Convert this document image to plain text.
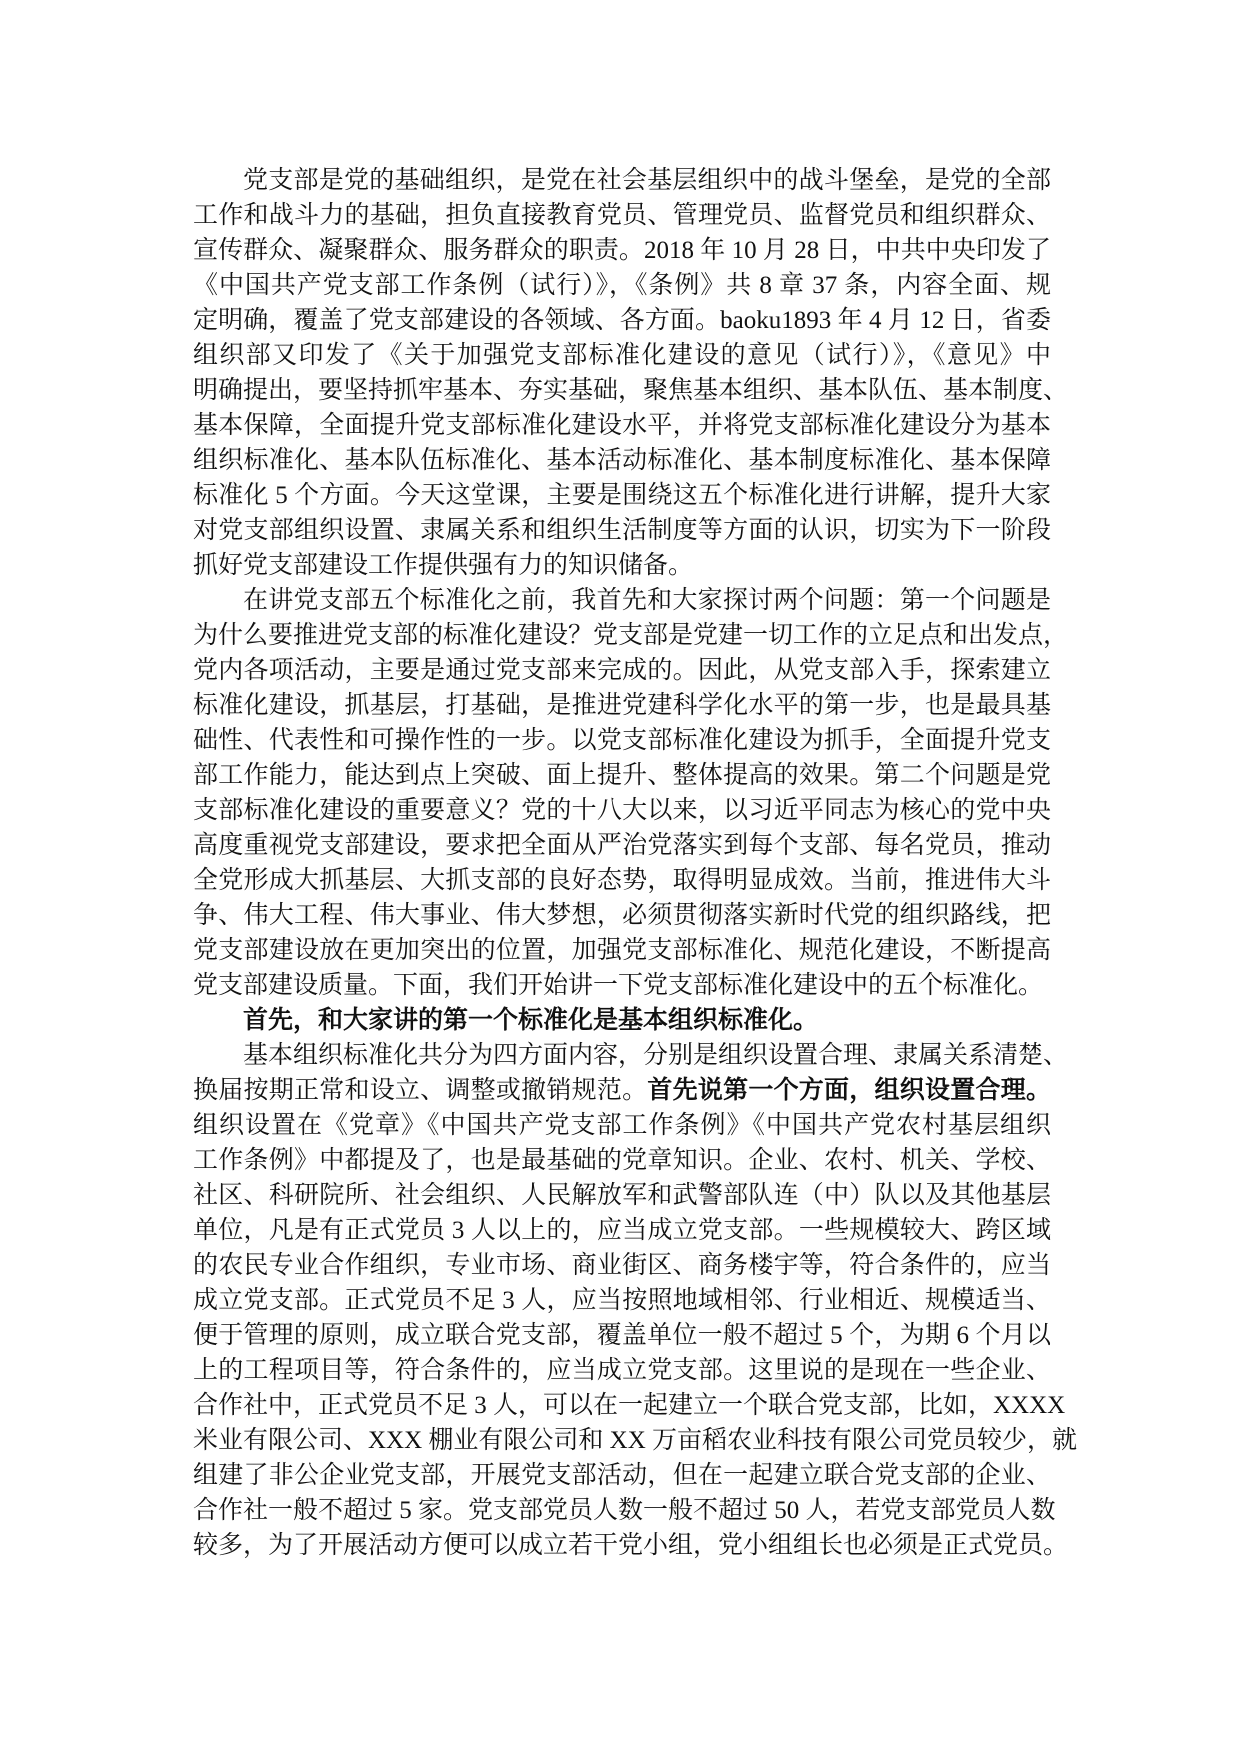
党支部是党的基础组织，是党在社会基层组织中的战斗堡垒，是党的全部
工作和战斗力的基础，担负直接教育党员、管理党员、监督党员和组织群众、
宣传群众、凝聚群众、服务群众的职责。2018 年 10 月 28 日，中共中央印发了
《中国共产党支部工作条例（试行）》，《条例》共 8 章 37 条，内容全面、规
定明确，覆盖了党支部建设的各领域、各方面。baoku1893 年 4 月 12 日，省委
组织部又印发了《关于加强党支部标准化建设的意见（试行）》，《意见》中
明确提出，要坚持抓牢基本、夯实基础，聚焦基本组织、基本队伍、基本制度、
基本保障，全面提升党支部标准化建设水平，并将党支部标准化建设分为基本
组织标准化、基本队伍标准化、基本活动标准化、基本制度标准化、基本保障
标准化 5 个方面。今天这堂课，主要是围绕这五个标准化进行讲解，提升大家
对党支部组织设置、隶属关系和组织生活制度等方面的认识，切实为下一阶段
抓好党支部建设工作提供强有力的知识储备。
在讲党支部五个标准化之前，我首先和大家探讨两个问题：第一个问题是
为什么要推进党支部的标准化建设？党支部是党建一切工作的立足点和出发点，
党内各项活动，主要是通过党支部来完成的。因此，从党支部入手，探索建立
标准化建设，抓基层，打基础，是推进党建科学化水平的第一步，也是最具基
础性、代表性和可操作性的一步。以党支部标准化建设为抓手，全面提升党支
部工作能力，能达到点上突破、面上提升、整体提高的效果。第二个问题是党
支部标准化建设的重要意义？党的十八大以来，以习近平同志为核心的党中央
高度重视党支部建设，要求把全面从严治党落实到每个支部、每名党员，推动
全党形成大抓基层、大抓支部的良好态势，取得明显成效。当前，推进伟大斗
争、伟大工程、伟大事业、伟大梦想，必须贯彻落实新时代党的组织路线，把
党支部建设放在更加突出的位置，加强党支部标准化、规范化建设，不断提高
党支部建设质量。下面，我们开始讲一下党支部标准化建设中的五个标准化。
首先，和大家讲的第一个标准化是基本组织标准化。
基本组织标准化共分为四方面内容，分别是组织设置合理、隶属关系清楚、
换届按期正常和设立、调整或撤销规范。首先说第一个方面，组织设置合理。
组织设置在《党章》《中国共产党支部工作条例》《中国共产党农村基层组织
工作条例》中都提及了，也是最基础的党章知识。企业、农村、机关、学校、
社区、科研院所、社会组织、人民解放军和武警部队连（中）队以及其他基层
单位，凡是有正式党员 3 人以上的，应当成立党支部。一些规模较大、跨区域
的农民专业合作组织，专业市场、商业街区、商务楼宇等，符合条件的，应当
成立党支部。正式党员不足 3 人，应当按照地域相邻、行业相近、规模适当、
便于管理的原则，成立联合党支部，覆盖单位一般不超过 5 个，为期 6 个月以
上的工程项目等，符合条件的，应当成立党支部。这里说的是现在一些企业、
合作社中，正式党员不足 3 人，可以在一起建立一个联合党支部，比如，XXXX
米业有限公司、XXX 棚业有限公司和 XX 万亩稻农业科技有限公司党员较少，就
组建了非公企业党支部，开展党支部活动，但在一起建立联合党支部的企业、
合作社一般不超过 5 家。党支部党员人数一般不超过 50 人，若党支部党员人数
较多，为了开展活动方便可以成立若干党小组，党小组组长也必须是正式党员。
